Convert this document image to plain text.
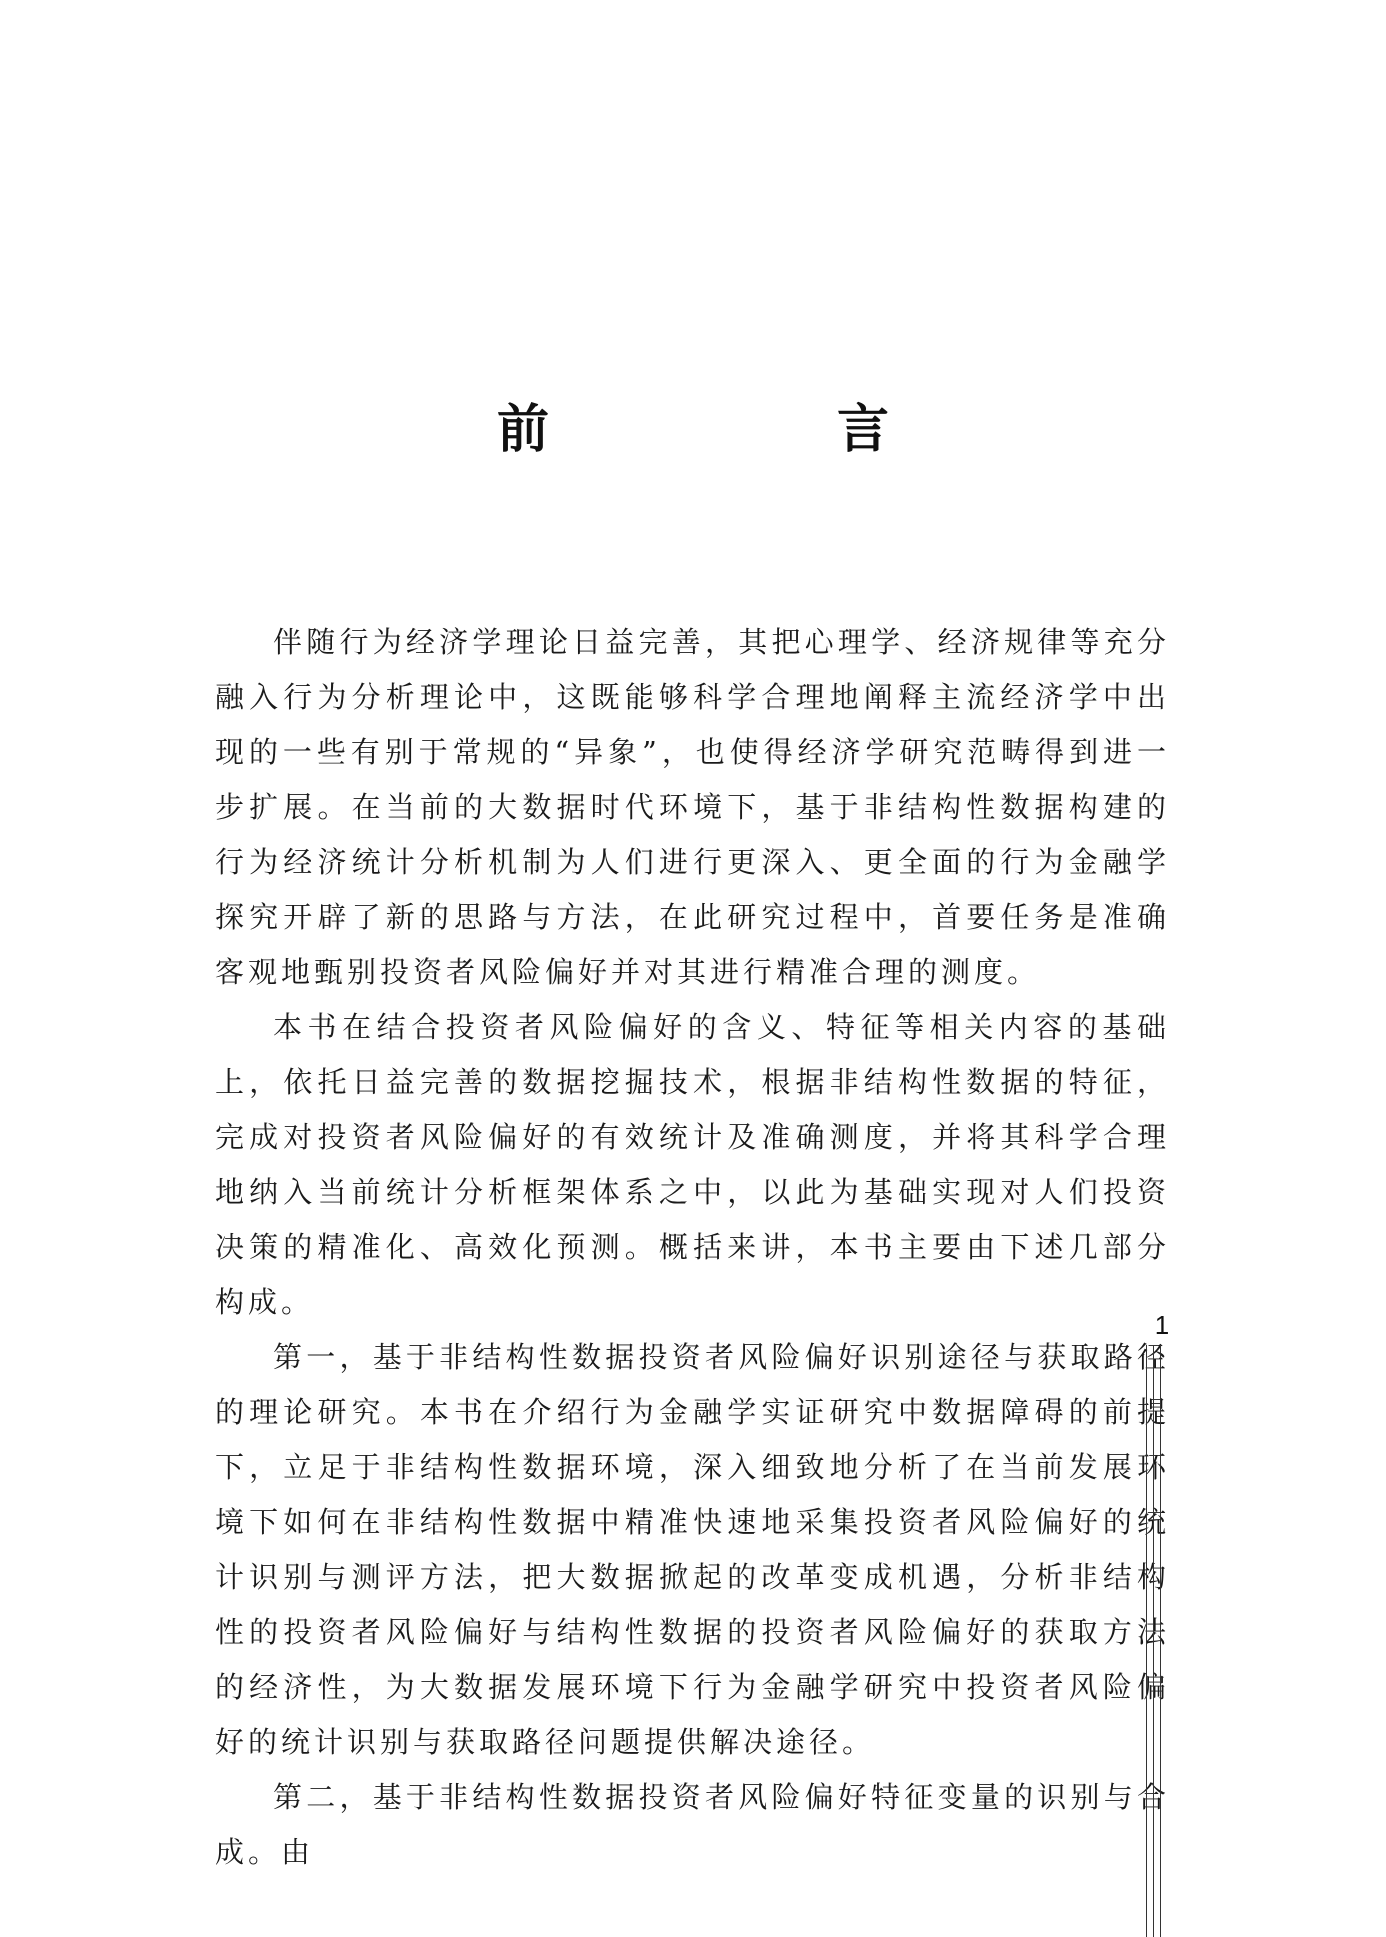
前　言

伴随行为经济学理论日益完善，其把心理学、经济规律等充分融入行为分析理论中，这既能够科学合理地阐释主流经济学中出现的一些有别于常规的“异象”，也使得经济学研究范畴得到进一步扩展。在当前的大数据时代环境下，基于非结构性数据构建的行为经济统计分析机制为人们进行更深入、更全面的行为金融学探究开辟了新的思路与方法，在此研究过程中，首要任务是准确客观地甄别投资者风险偏好并对其进行精准合理的测度。

本书在结合投资者风险偏好的含义、特征等相关内容的基础上，依托日益完善的数据挖掘技术，根据非结构性数据的特征，完成对投资者风险偏好的有效统计及准确测度，并将其科学合理地纳入当前统计分析框架体系之中，以此为基础实现对人们投资决策的精准化、高效化预测。概括来讲，本书主要由下述几部分构成。

第一，基于非结构性数据投资者风险偏好识别途径与获取路径的理论研究。本书在介绍行为金融学实证研究中数据障碍的前提下，立足于非结构性数据环境，深入细致地分析了在当前发展环境下如何在非结构性数据中精准快速地采集投资者风险偏好的统计识别与测评方法，把大数据掀起的改革变成机遇，分析非结构性的投资者风险偏好与结构性数据的投资者风险偏好的获取方法的经济性，为大数据发展环境下行为金融学研究中投资者风险偏好的统计识别与获取路径问题提供解决途径。

第二，基于非结构性数据投资者风险偏好特征变量的识别与合成。由

1
